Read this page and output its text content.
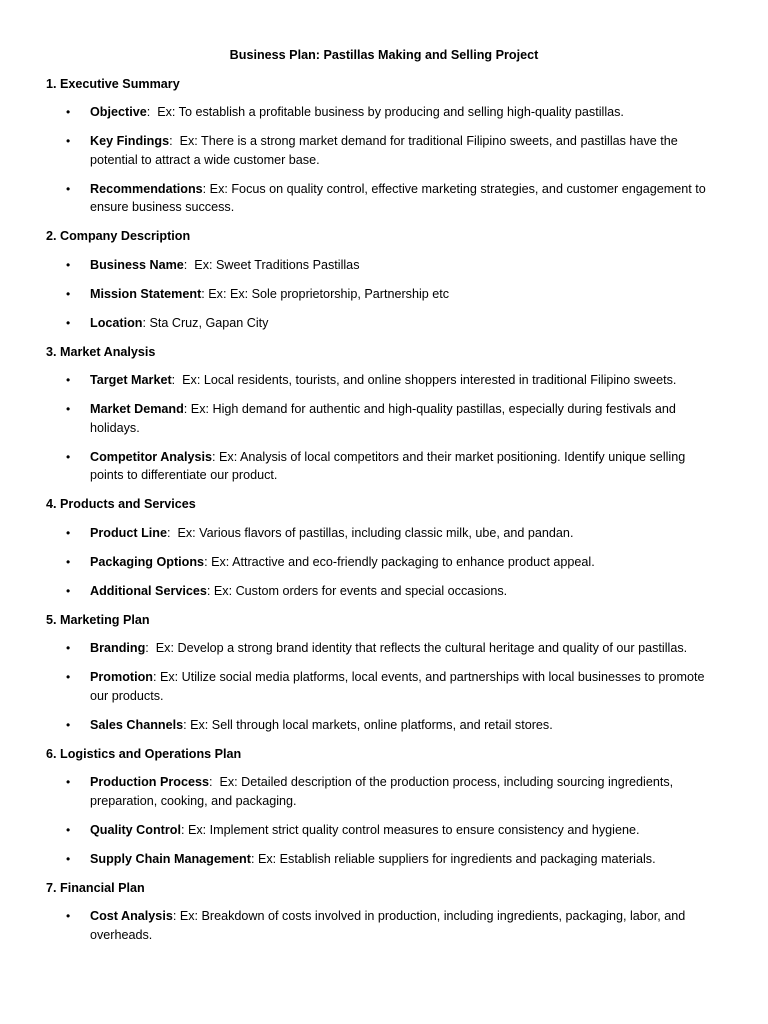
Business Plan: Pastillas Making and Selling Project
1. Executive Summary
• Objective:  Ex: To establish a profitable business by producing and selling high-quality pastillas.
• Key Findings:  Ex: There is a strong market demand for traditional Filipino sweets, and pastillas have the potential to attract a wide customer base.
• Recommendations: Ex: Focus on quality control, effective marketing strategies, and customer engagement to ensure business success.
2. Company Description
• Business Name:  Ex: Sweet Traditions Pastillas
• Mission Statement: Ex: Ex: Sole proprietorship, Partnership etc
• Location: Sta Cruz, Gapan City
3. Market Analysis
• Target Market:  Ex: Local residents, tourists, and online shoppers interested in traditional Filipino sweets.
• Market Demand: Ex: High demand for authentic and high-quality pastillas, especially during festivals and holidays.
• Competitor Analysis: Ex: Analysis of local competitors and their market positioning. Identify unique selling points to differentiate our product.
4. Products and Services
• Product Line:  Ex: Various flavors of pastillas, including classic milk, ube, and pandan.
• Packaging Options: Ex: Attractive and eco-friendly packaging to enhance product appeal.
• Additional Services: Ex: Custom orders for events and special occasions.
5. Marketing Plan
• Branding:  Ex: Develop a strong brand identity that reflects the cultural heritage and quality of our pastillas.
• Promotion: Ex: Utilize social media platforms, local events, and partnerships with local businesses to promote our products.
• Sales Channels: Ex: Sell through local markets, online platforms, and retail stores.
6. Logistics and Operations Plan
• Production Process:  Ex: Detailed description of the production process, including sourcing ingredients, preparation, cooking, and packaging.
• Quality Control: Ex: Implement strict quality control measures to ensure consistency and hygiene.
• Supply Chain Management: Ex: Establish reliable suppliers for ingredients and packaging materials.
7. Financial Plan
• Cost Analysis: Ex: Breakdown of costs involved in production, including ingredients, packaging, labor, and overheads.
